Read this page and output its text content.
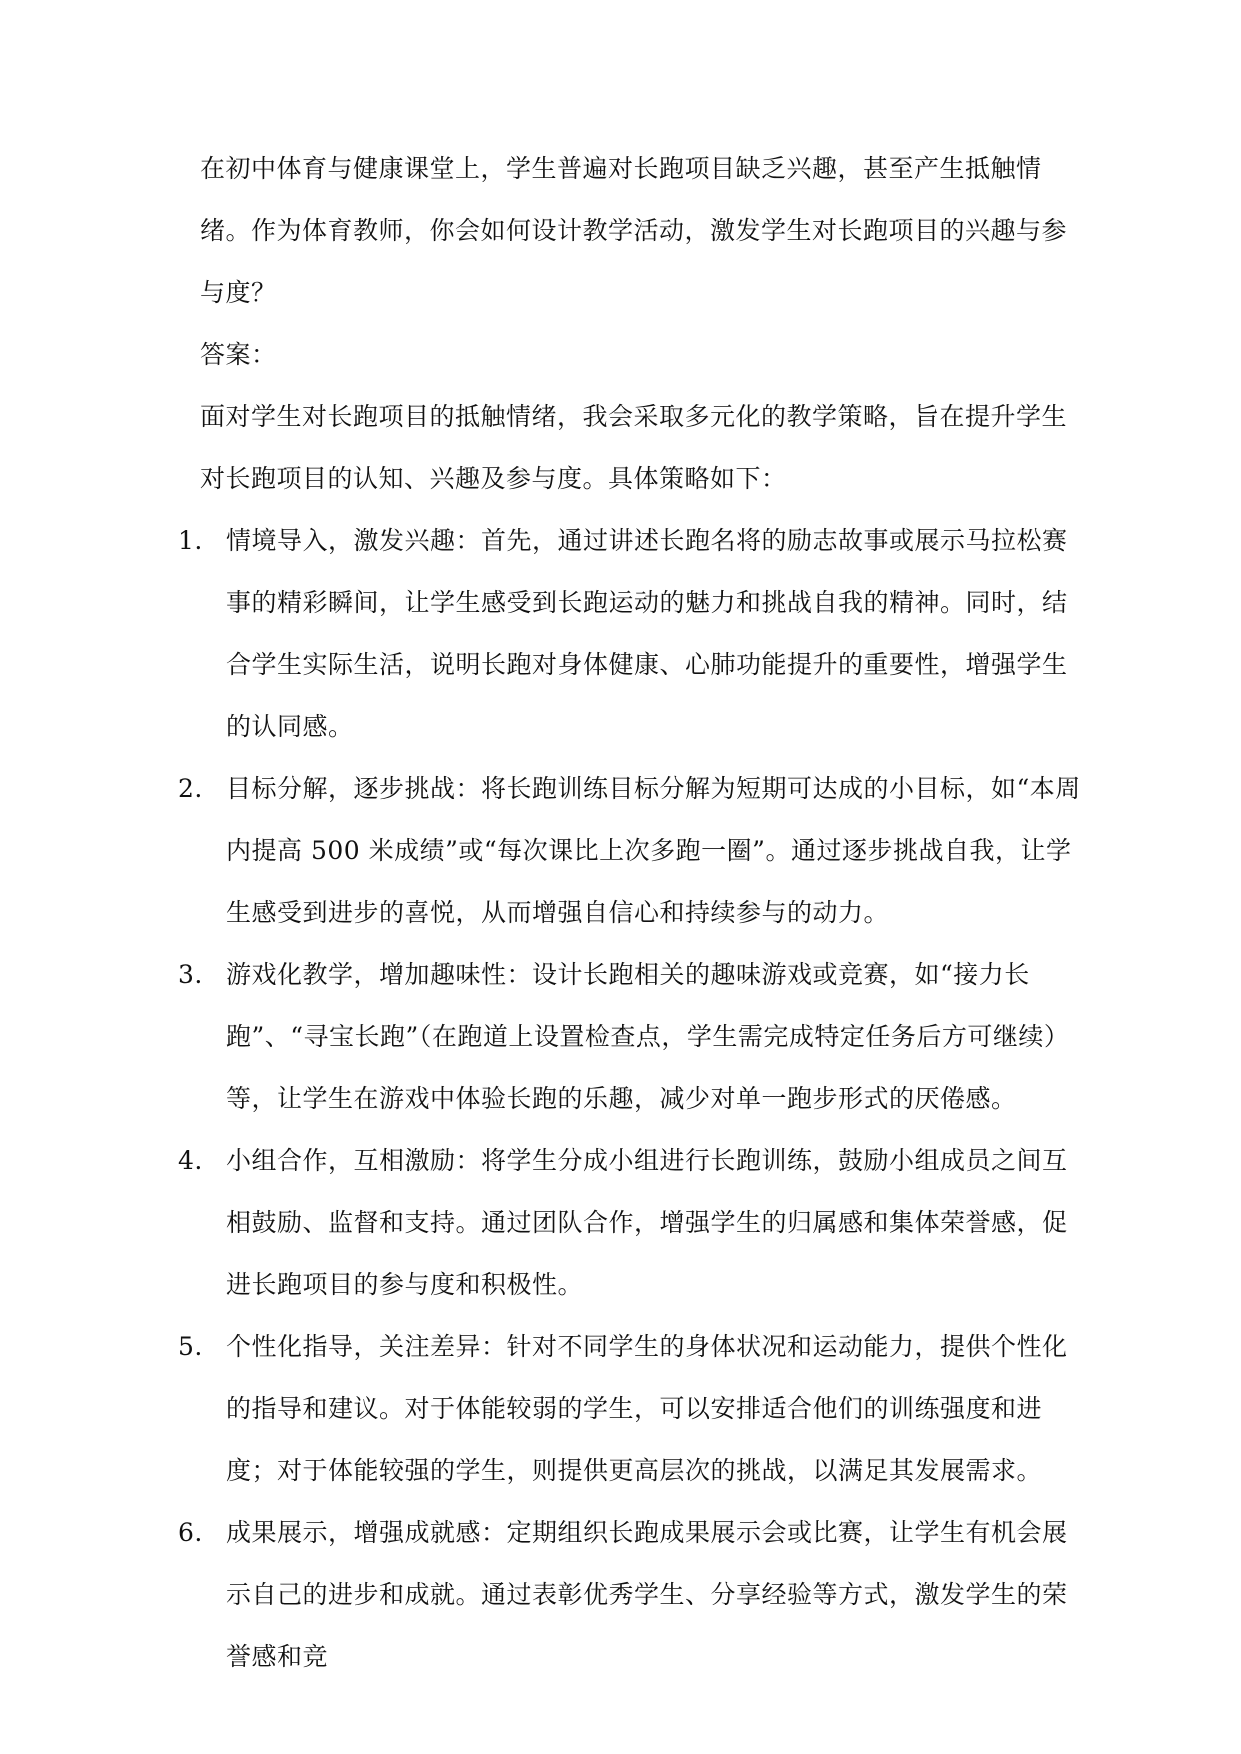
在初中体育与健康课堂上，学生普遍对长跑项目缺乏兴趣，甚至产生抵触情绪。作为体育教师，你会如何设计教学活动，激发学生对长跑项目的兴趣与参与度？

答案：

面对学生对长跑项目的抵触情绪，我会采取多元化的教学策略，旨在提升学生对长跑项目的认知、兴趣及参与度。具体策略如下：

1. 情境导入，激发兴趣：首先，通过讲述长跑名将的励志故事或展示马拉松赛事的精彩瞬间，让学生感受到长跑运动的魅力和挑战自我的精神。同时，结合学生实际生活，说明长跑对身体健康、心肺功能提升的重要性，增强学生的认同感。
2. 目标分解，逐步挑战：将长跑训练目标分解为短期可达成的小目标，如“本周内提高 500 米成绩”或“每次课比上次多跑一圈”。通过逐步挑战自我，让学生感受到进步的喜悦，从而增强自信心和持续参与的动力。
3. 游戏化教学，增加趣味性：设计长跑相关的趣味游戏或竞赛，如“接力长跑”、“寻宝长跑”（在跑道上设置检查点，学生需完成特定任务后方可继续）等，让学生在游戏中体验长跑的乐趣，减少对单一跑步形式的厌倦感。
4. 小组合作，互相激励：将学生分成小组进行长跑训练，鼓励小组成员之间互相鼓励、监督和支持。通过团队合作，增强学生的归属感和集体荣誉感，促进长跑项目的参与度和积极性。
5. 个性化指导，关注差异：针对不同学生的身体状况和运动能力，提供个性化的指导和建议。对于体能较弱的学生，可以安排适合他们的训练强度和进度；对于体能较强的学生，则提供更高层次的挑战，以满足其发展需求。
6. 成果展示，增强成就感：定期组织长跑成果展示会或比赛，让学生有机会展示自己的进步和成就。通过表彰优秀学生、分享经验等方式，激发学生的荣誉感和竞
